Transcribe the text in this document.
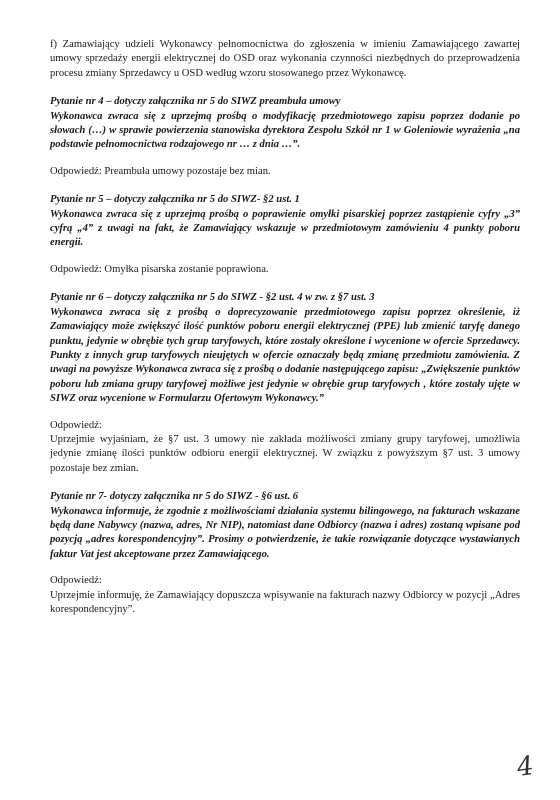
f) Zamawiający udzieli Wykonawcy pełnomocnictwa do zgłoszenia w imieniu Zamawiającego zawartej umowy sprzedaży energii elektrycznej do OSD oraz wykonania czynności niezbędnych do przeprowadzenia procesu zmiany Sprzedawcy u OSD według wzoru stosowanego przez Wykonawcę.

Pytanie nr 4 – dotyczy załącznika nr 5 do SIWZ preambuła umowy

Wykonawca zwraca się z uprzejmą prośbą o modyfikację przedmiotowego zapisu poprzez dodanie po słowach (…) w sprawie powierzenia stanowiska dyrektora Zespołu Szkół nr 1 w Goleniowie wyrażenia „na podstawie pełnomocnictwa rodzajowego nr … z dnia …”.

Odpowiedź: Preambuła umowy pozostaje bez mian.

Pytanie nr 5 – dotyczy załącznika nr 5 do SIWZ- §2 ust. 1

Wykonawca zwraca się z uprzejmą prośbą o poprawienie omyłki pisarskiej poprzez zastąpienie cyfry „3” cyfrą „4” z uwagi na fakt, że Zamawiający wskazuje w przedmiotowym zamówieniu 4 punkty poboru energii.

Odpowiedź: Omyłka pisarska zostanie poprawiona.

Pytanie nr 6 – dotyczy załącznika nr 5 do SIWZ - §2 ust. 4 w zw. z §7 ust. 3

Wykonawca zwraca się z prośbą o doprecyzowanie przedmiotowego zapisu poprzez określenie, iż Zamawiający może zwiększyć ilość punktów poboru energii elektrycznej (PPE) lub zmienić taryfę danego punktu, jedynie w obrębie tych grup taryfowych, które zostały określone i wycenione w ofercie Sprzedawcy. Punkty z innych grup taryfowych nieujętych w ofercie oznaczały będą zmianę przedmiotu zamówienia. Z uwagi na powyższe Wykonawca zwraca się z prośbą o dodanie następującego zapisu: „Zwiększenie punktów poboru lub zmiana grupy taryfowej możliwe jest jedynie w obrębie grup taryfowych , które zostały ujęte w SIWZ oraz wycenione w Formularzu Ofertowym Wykonawcy.”

Odpowiedź:

Uprzejmie wyjaśniam, że §7 ust. 3 umowy nie zakłada możliwości zmiany grupy taryfowej, umożliwia jedynie zmianę ilości punktów odbioru energii elektrycznej. W związku z powyższym §7 ust. 3 umowy pozostaje bez zmian.

Pytanie nr 7- dotyczy załącznika nr 5 do SIWZ - §6 ust. 6

Wykonawca informuje, że zgodnie z możliwościami działania systemu bilingowego, na fakturach wskazane będą dane Nabywcy (nazwa, adres, Nr NIP), natomiast dane Odbiorcy (nazwa i adres) zostaną wpisane pod pozycją „adres korespondencyjny”. Prosimy o potwierdzenie, że takie rozwiązanie dotyczące wystawianych faktur Vat jest akceptowane przez Zamawiającego.

Odpowiedź:

Uprzejmie informuję, że Zamawiający dopuszcza wpisywanie na fakturach nazwy Odbiorcy w pozycji „Adres korespondencyjny”.

4
